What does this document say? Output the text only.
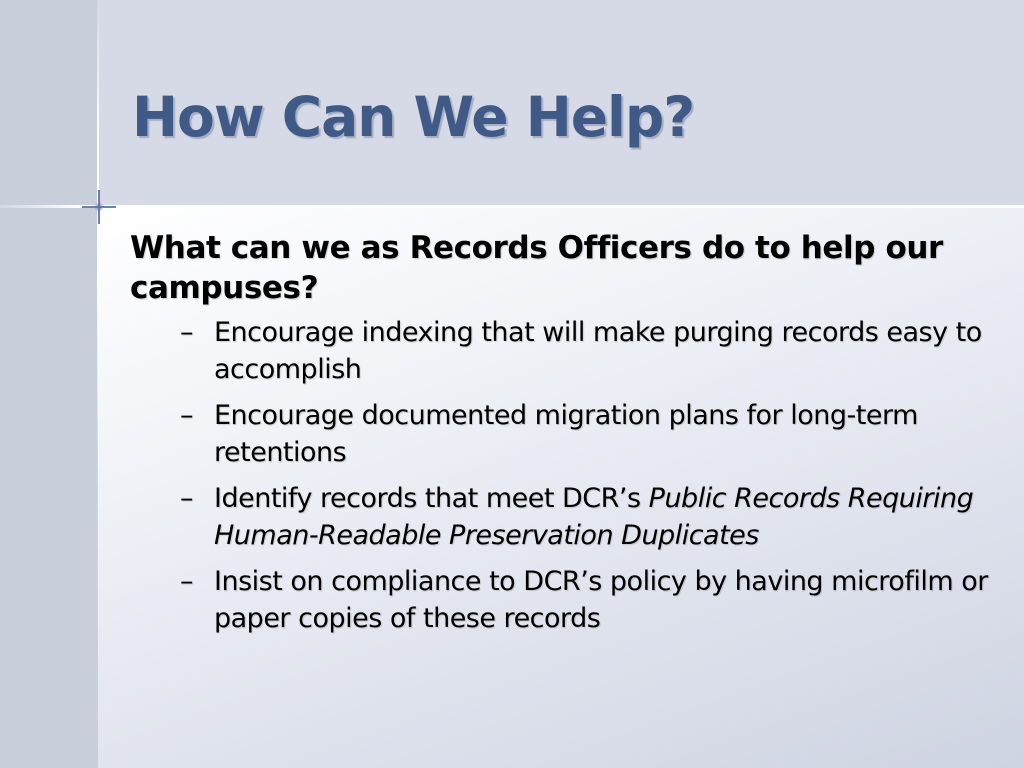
How Can We Help?

What can we as Records Officers do to help our campuses?

– Encourage indexing that will make purging records easy to accomplish
– Encourage documented migration plans for long-term retentions
– Identify records that meet DCR’s Public Records Requiring Human-Readable Preservation Duplicates
– Insist on compliance to DCR’s policy by having microfilm or paper copies of these records
